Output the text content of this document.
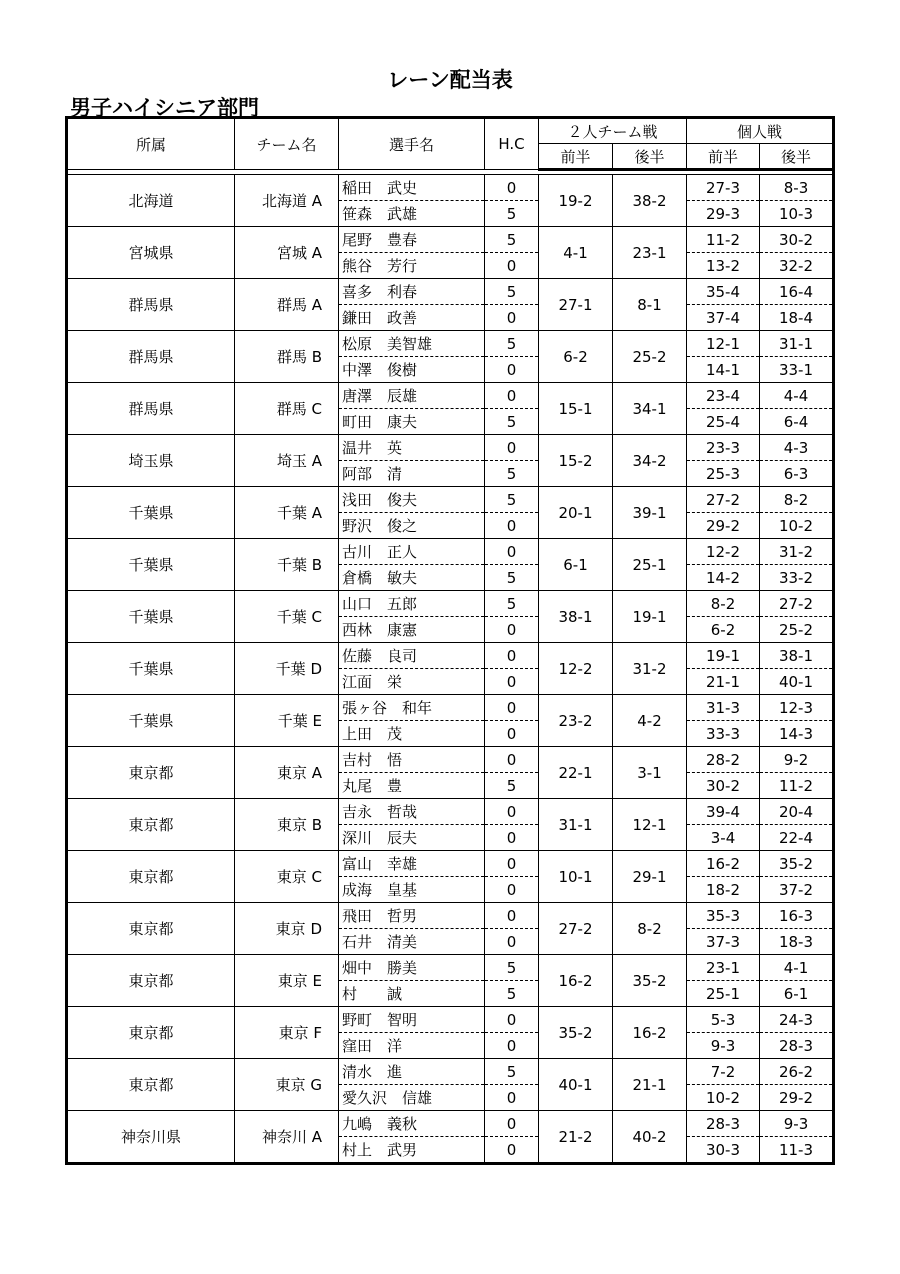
レーン配当表
男子ハイシニア部門
所属	チーム名	選手名	H.C	２人チーム戦		個人戦	
				前半	後半	前半	後半

北海道	北海道 A	稲田　武史	0	19-2	38-2	27-3	8-3
		笹森　武雄	5			29-3	10-3
宮城県	宮城 A	尾野　豊春	5	4-1	23-1	11-2	30-2
		熊谷　芳行	0			13-2	32-2
群馬県	群馬 A	喜多　利春	5	27-1	8-1	35-4	16-4
		鎌田　政善	0			37-4	18-4
群馬県	群馬 B	松原　美智雄	5	6-2	25-2	12-1	31-1
		中澤　俊樹	0			14-1	33-1
群馬県	群馬 C	唐澤　辰雄	0	15-1	34-1	23-4	4-4
		町田　康夫	5			25-4	6-4
埼玉県	埼玉 A	温井　英	0	15-2	34-2	23-3	4-3
		阿部　清	5			25-3	6-3
千葉県	千葉 A	浅田　俊夫	5	20-1	39-1	27-2	8-2
		野沢　俊之	0			29-2	10-2
千葉県	千葉 B	古川　正人	0	6-1	25-1	12-2	31-2
		倉橋　敏夫	5			14-2	33-2
千葉県	千葉 C	山口　五郎	5	38-1	19-1	8-2	27-2
		西林　康憲	0			6-2	25-2
千葉県	千葉 D	佐藤　良司	0	12-2	31-2	19-1	38-1
		江面　栄	0			21-1	40-1
千葉県	千葉 E	張ヶ谷　和年	0	23-2	4-2	31-3	12-3
		上田　茂	0			33-3	14-3
東京都	東京 A	吉村　悟	0	22-1	3-1	28-2	9-2
		丸尾　豊	5			30-2	11-2
東京都	東京 B	吉永　哲哉	0	31-1	12-1	39-4	20-4
		深川　辰夫	0			3-4	22-4
東京都	東京 C	富山　幸雄	0	10-1	29-1	16-2	35-2
		成海　皇基	0			18-2	37-2
東京都	東京 D	飛田　哲男	0	27-2	8-2	35-3	16-3
		石井　清美	0			37-3	18-3
東京都	東京 E	畑中　勝美	5	16-2	35-2	23-1	4-1
		村　　誠	5			25-1	6-1
東京都	東京 F	野町　智明	0	35-2	16-2	5-3	24-3
		窪田　洋	0			9-3	28-3
東京都	東京 G	清水　進	5	40-1	21-1	7-2	26-2
		愛久沢　信雄	0			10-2	29-2
神奈川県	神奈川 A	九嶋　義秋	0	21-2	40-2	28-3	9-3
		村上　武男	0			30-3	11-3
